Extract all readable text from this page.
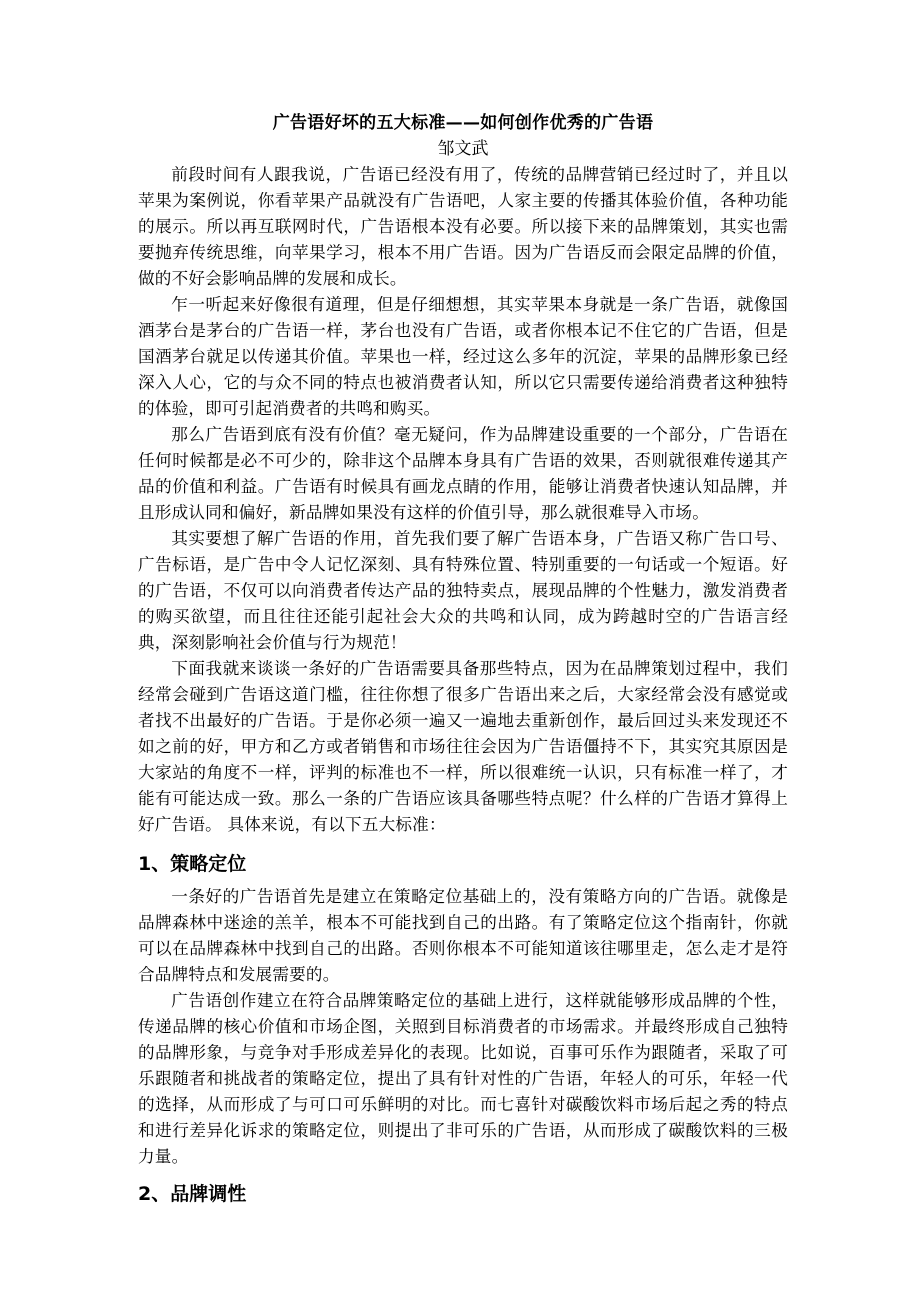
广告语好坏的五大标准——如何创作优秀的广告语

邹文武

前段时间有人跟我说，广告语已经没有用了，传统的品牌营销已经过时了，并且以苹果为案例说，你看苹果产品就没有广告语吧，人家主要的传播其体验价值，各种功能的展示。所以再互联网时代，广告语根本没有必要。所以接下来的品牌策划，其实也需要抛弃传统思维，向苹果学习，根本不用广告语。因为广告语反而会限定品牌的价值，做的不好会影响品牌的发展和成长。

乍一听起来好像很有道理，但是仔细想想，其实苹果本身就是一条广告语，就像国酒茅台是茅台的广告语一样，茅台也没有广告语，或者你根本记不住它的广告语，但是国酒茅台就足以传递其价值。苹果也一样，经过这么多年的沉淀，苹果的品牌形象已经深入人心，它的与众不同的特点也被消费者认知，所以它只需要传递给消费者这种独特的体验，即可引起消费者的共鸣和购买。

那么广告语到底有没有价值？毫无疑问，作为品牌建设重要的一个部分，广告语在任何时候都是必不可少的，除非这个品牌本身具有广告语的效果，否则就很难传递其产品的价值和利益。广告语有时候具有画龙点睛的作用，能够让消费者快速认知品牌，并且形成认同和偏好，新品牌如果没有这样的价值引导，那么就很难导入市场。

其实要想了解广告语的作用，首先我们要了解广告语本身，广告语又称广告口号、广告标语，是广告中令人记忆深刻、具有特殊位置、特别重要的一句话或一个短语。好的广告语，不仅可以向消费者传达产品的独特卖点，展现品牌的个性魅力，激发消费者的购买欲望，而且往往还能引起社会大众的共鸣和认同，成为跨越时空的广告语言经典，深刻影响社会价值与行为规范！

下面我就来谈谈一条好的广告语需要具备那些特点，因为在品牌策划过程中，我们经常会碰到广告语这道门槛，往往你想了很多广告语出来之后，大家经常会没有感觉或者找不出最好的广告语。于是你必须一遍又一遍地去重新创作，最后回过头来发现还不如之前的好，甲方和乙方或者销售和市场往往会因为广告语僵持不下，其实究其原因是大家站的角度不一样，评判的标准也不一样，所以很难统一认识，只有标准一样了，才能有可能达成一致。那么一条的广告语应该具备哪些特点呢？什么样的广告语才算得上好广告语。 具体来说，有以下五大标准：

1、策略定位

一条好的广告语首先是建立在策略定位基础上的，没有策略方向的广告语。就像是品牌森林中迷途的羔羊，根本不可能找到自己的出路。有了策略定位这个指南针，你就可以在品牌森林中找到自己的出路。否则你根本不可能知道该往哪里走，怎么走才是符合品牌特点和发展需要的。

广告语创作建立在符合品牌策略定位的基础上进行，这样就能够形成品牌的个性，传递品牌的核心价值和市场企图，关照到目标消费者的市场需求。并最终形成自己独特的品牌形象，与竞争对手形成差异化的表现。比如说，百事可乐作为跟随者，采取了可乐跟随者和挑战者的策略定位，提出了具有针对性的广告语，年轻人的可乐，年轻一代的选择，从而形成了与可口可乐鲜明的对比。而七喜针对碳酸饮料市场后起之秀的特点和进行差异化诉求的策略定位，则提出了非可乐的广告语，从而形成了碳酸饮料的三极力量。

2、品牌调性
